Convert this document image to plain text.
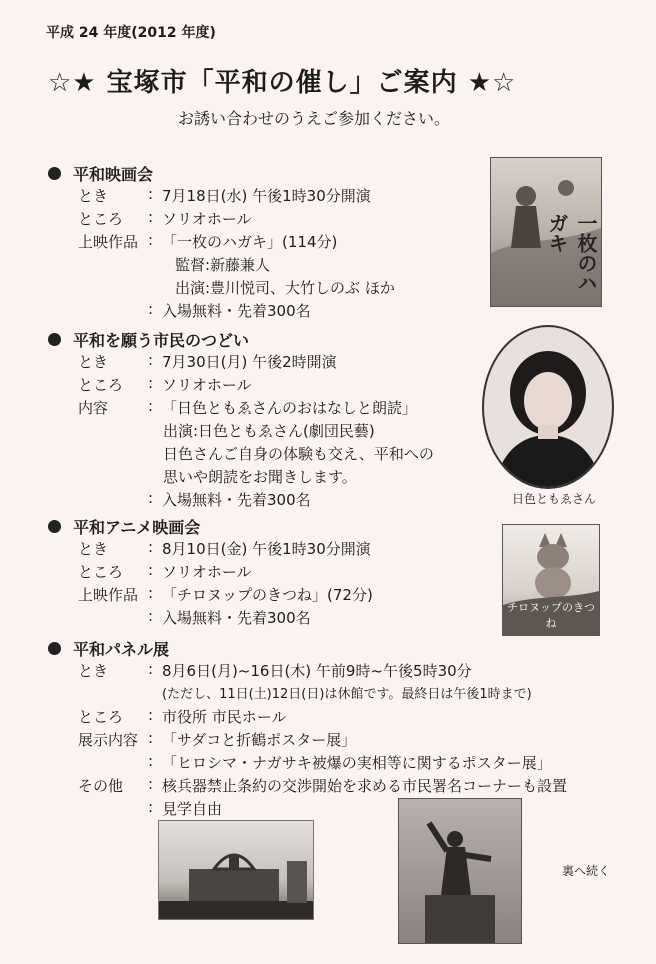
平成 24 年度(2012 年度)
☆★ 宝塚市「平和の催し」ご案内 ★☆
お誘い合わせのうえご参加ください。
平和映画会
とき	: 7月18日(水) 午後1時30分開演
ところ	: ソリオホール
上映作品 : 「一枚のハガキ」(114分)
監督:新藤兼人
出演:豊川悦司、大竹しのぶ ほか
: 入場無料・先着300名
一枚のハガキ
平和を願う市民のつどい
とき	: 7月30日(月) 午後2時開演
ところ	: ソリオホール
内容	: 「日色ともゑさんのおはなしと朗読」
出演:日色ともゑさん(劇団民藝)
日色さんご自身の体験も交え、平和への
思いや朗読をお聞きします。
: 入場無料・先着300名	日色ともゑさん
平和アニメ映画会
とき	: 8月10日(金) 午後1時30分開演
ところ	: ソリオホール
上映作品 : 「チロヌップのきつね」(72分)
: 入場無料・先着300名
チロヌップのきつね
平和パネル展
とき	: 8月6日(月)~16日(木) 午前9時~午後5時30分
(ただし、11日(土)12日(日)は休館です。最終日は午後1時まで)
ところ	: 市役所 市民ホール
展示内容 : 「サダコと折鶴ポスター展」
: 「ヒロシマ・ナガサキ被爆の実相等に関するポスター展」
その他	: 核兵器禁止条約の交渉開始を求める市民署名コーナーも設置
: 見学自由
裏へ続く
